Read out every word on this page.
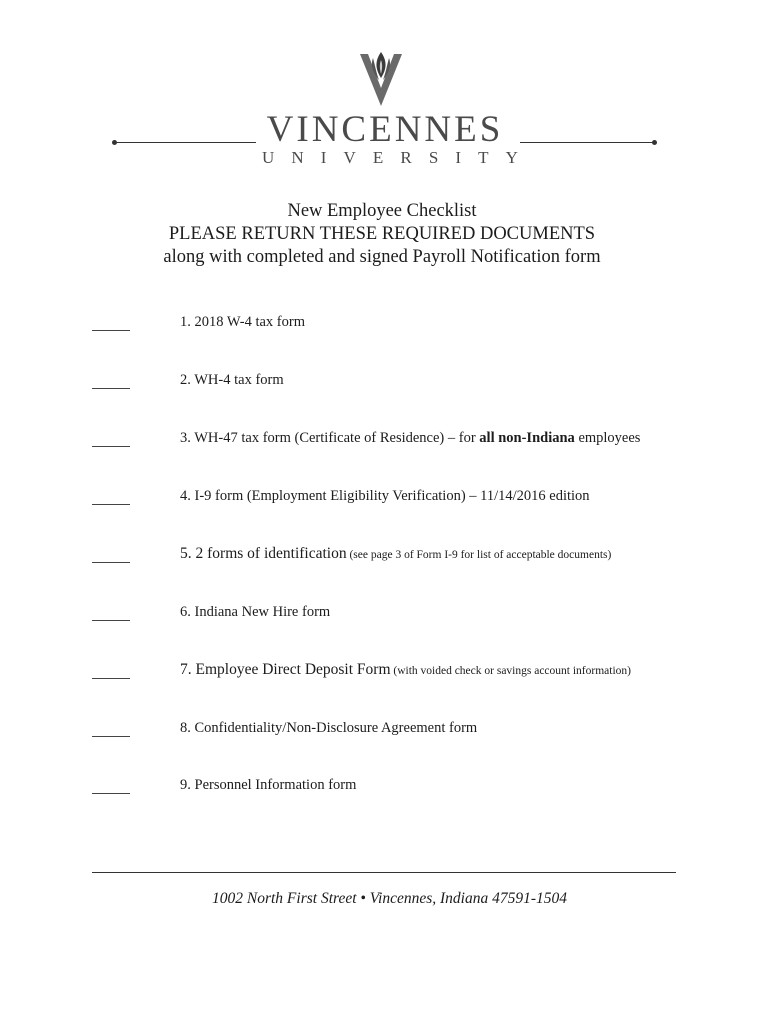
VINCENNES
U N I V E R S I T Y
New Employee Checklist
PLEASE RETURN THESE REQUIRED DOCUMENTS
along with completed and signed Payroll Notification form
1. 2018 W-4 tax form
2. WH-4 tax form
3. WH-47 tax form (Certificate of Residence) – for all non-Indiana employees
4. I-9 form (Employment Eligibility Verification) – 11/14/2016 edition
5. 2 forms of identification (see page 3 of Form I-9 for list of acceptable documents)
6. Indiana New Hire form
7. Employee Direct Deposit Form (with voided check or savings account information)
8. Confidentiality/Non-Disclosure Agreement form
9. Personnel Information form
1002 North First Street • Vincennes, Indiana 47591-1504
